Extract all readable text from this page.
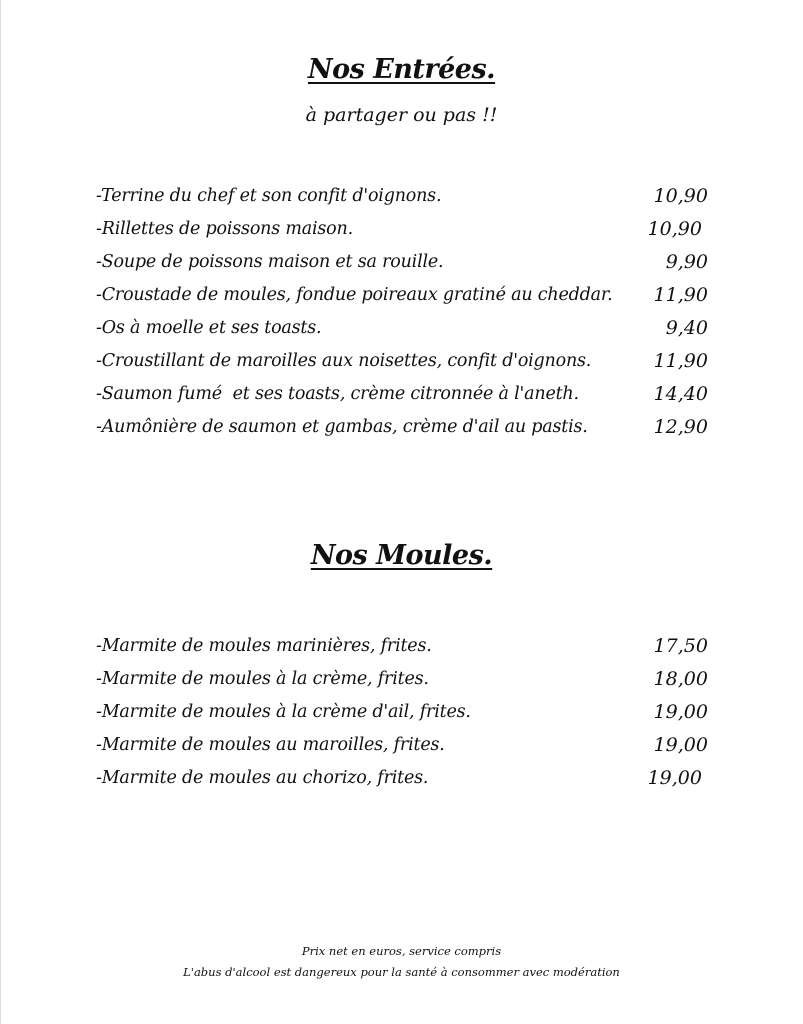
Nos Entrées.
à partager ou pas !!
-Terrine du chef et son confit d'oignons.	10,90
-Rillettes de poissons maison.	10,90
-Soupe de poissons maison et sa rouille.	9,90
-Croustade de moules, fondue poireaux gratiné au cheddar. 11,90
-Os à moelle et ses toasts.	9,40
-Croustillant de maroilles aux noisettes, confit d'oignons.	11,90
-Saumon fumé  et ses toasts, crème citronnée à l'aneth.	14,40
-Aumônière de saumon et gambas, crème d'ail au pastis.	12,90
Nos Moules.
-Marmite de moules marinières, frites.	17,50
-Marmite de moules à la crème, frites.	18,00
-Marmite de moules à la crème d'ail, frites.	19,00
-Marmite de moules au maroilles, frites.	19,00
-Marmite de moules au chorizo, frites.	19,00
Prix net en euros, service compris
L'abus d'alcool est dangereux pour la santé à consommer avec modération
